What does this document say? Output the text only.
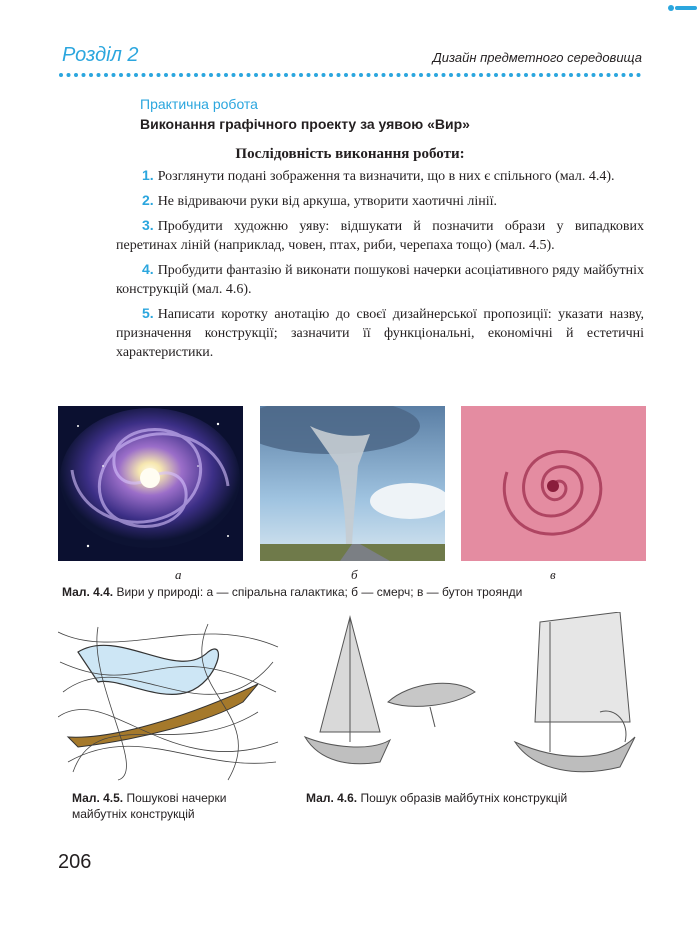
Розділ 2	Дизайн предметного середовища
Практична робота
Виконання графічного проекту за уявою «Вир»
Послідовність виконання роботи:

1. Розглянути подані зображення та визначити, що в них є спільного (мал. 4.4).

2. Не відриваючи руки від аркуша, утворити хаотичні лінії.

3. Пробудити художню уяву: відшукати й позначити образи у випадкових перетинах ліній (наприклад, човен, птах, риби, черепаха тощо) (мал. 4.5).

4. Пробудити фантазію й виконати пошукові начерки асоціативного ряду майбутніх конструкцій (мал. 4.6).

5. Написати коротку анотацію до своєї дизайнерської пропозиції: указати назву, призначення конструкції; зазначити її функціональні, економічні й естетичні характеристики.

а	б	в
Мал. 4.4. Вири у природі: а — спіральна галактика; б — смерч; в — бутон троянди
Мал. 4.5. Пошукові начерки майбутніх конструкцій
Мал. 4.6. Пошук образів майбутніх конструкцій
206
